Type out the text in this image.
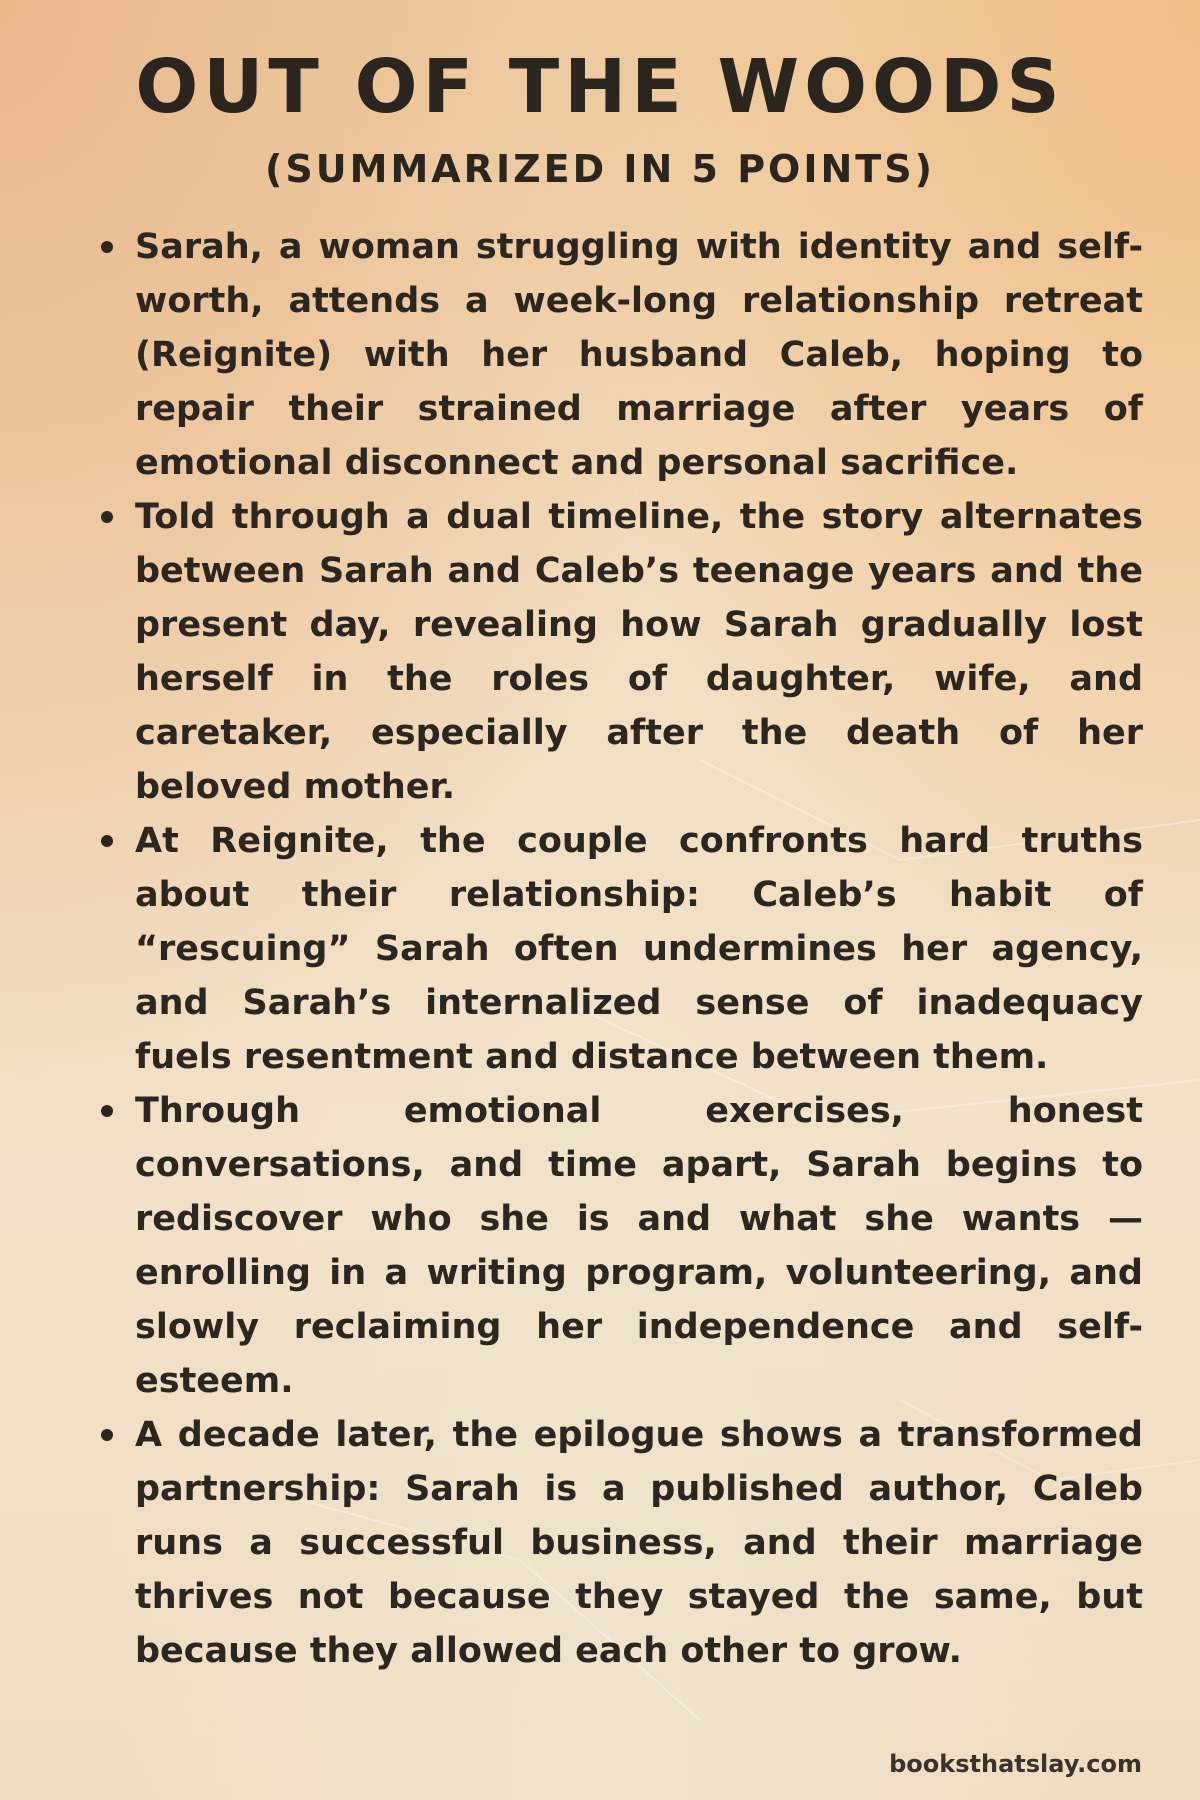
OUT OF THE WOODS
(SUMMARIZED IN 5 POINTS)
Sarah, a woman struggling with identity and self-worth, attends a week-long relationship retreat (Reignite) with her husband Caleb, hoping to repair their strained marriage after years of emotional disconnect and personal sacrifice.
Told through a dual timeline, the story alternates between Sarah and Caleb’s teenage years and the present day, revealing how Sarah gradually lost herself in the roles of daughter, wife, and caretaker, especially after the death of her beloved mother.
At Reignite, the couple confronts hard truths about their relationship: Caleb’s habit of “rescuing” Sarah often undermines her agency, and Sarah’s internalized sense of inadequacy fuels resentment and distance between them.
Through emotional exercises, honest conversations, and time apart, Sarah begins to rediscover who she is and what she wants — enrolling in a writing program, volunteering, and slowly reclaiming her independence and self-esteem.
A decade later, the epilogue shows a transformed partnership: Sarah is a published author, Caleb runs a successful business, and their marriage thrives not because they stayed the same, but because they allowed each other to grow.
booksthatslay.com
